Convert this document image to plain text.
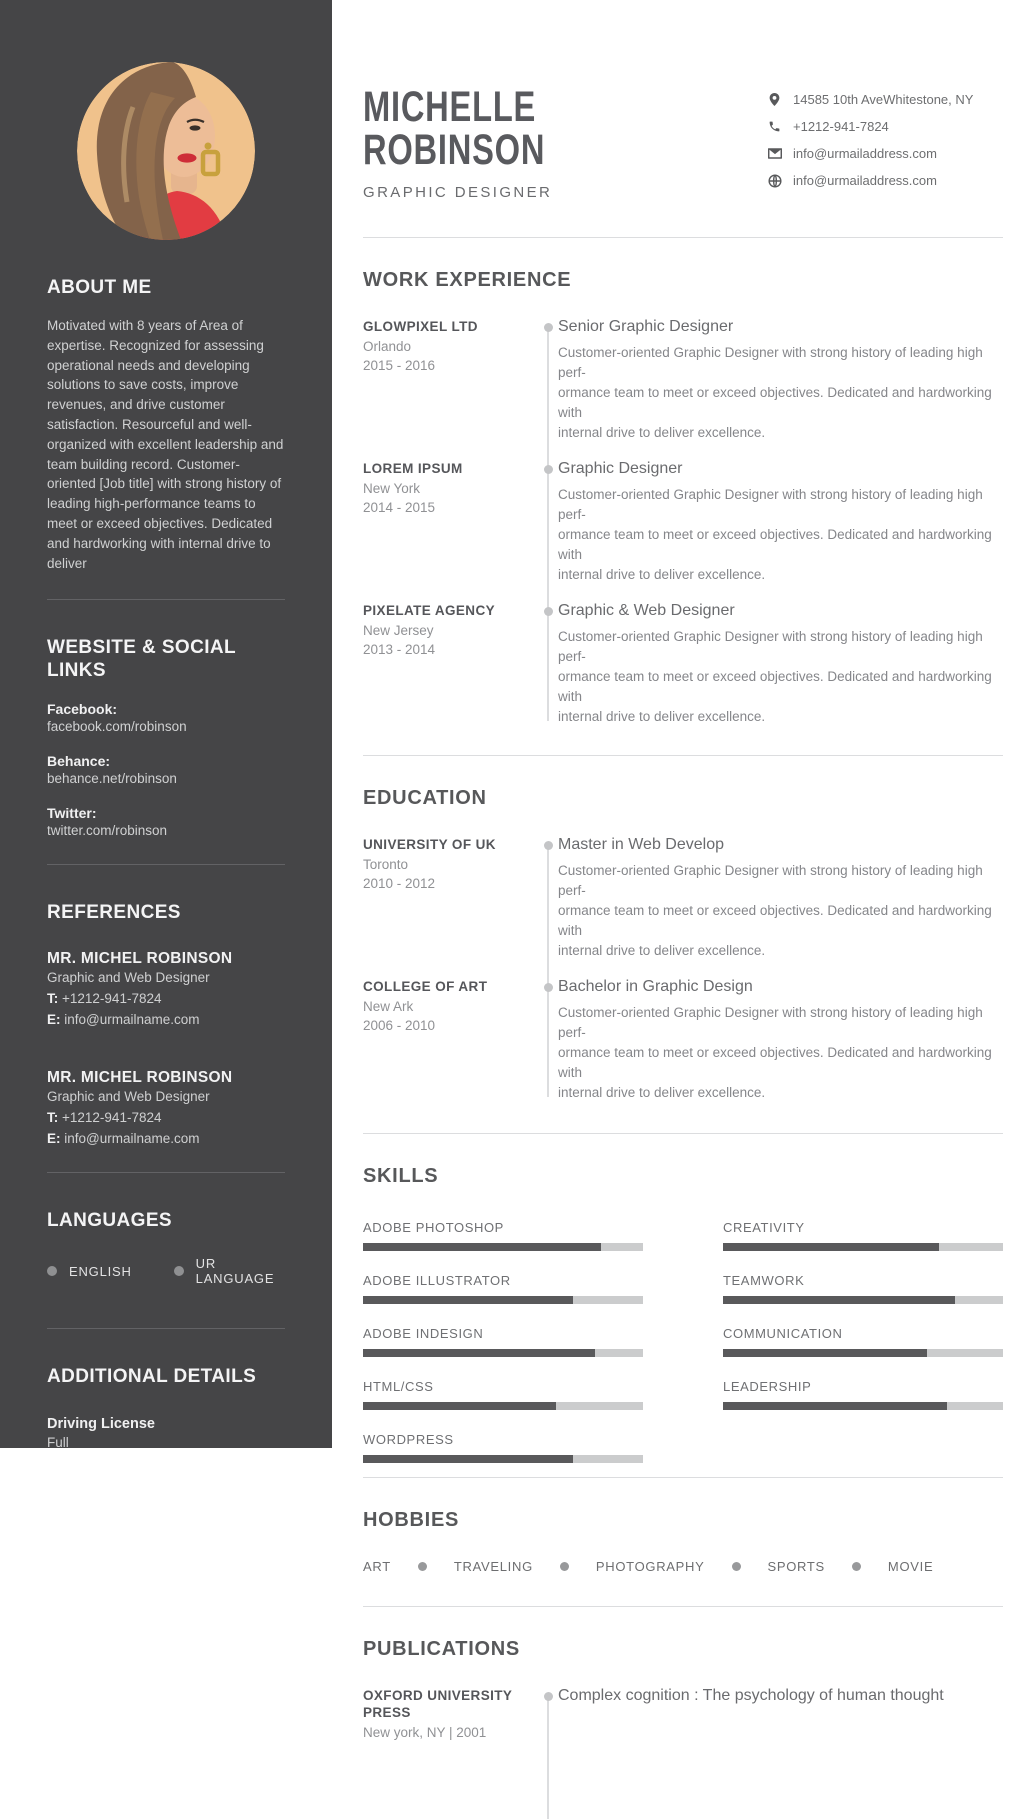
ABOUT ME
Motivated with 8 years of Area of expertise. Recognized for assessing operational needs and developing solutions to save costs, improve revenues, and drive customer satisfaction. Resourceful and well-organized with excellent leadership and team building record. Customer-oriented [Job title] with strong history of leading high-performance teams to meet or exceed objectives. Dedicated and hardworking with internal drive to deliver
WEBSITE & SOCIAL LINKS
Facebook:
facebook.com/robinson
Behance:
behance.net/robinson
Twitter:
twitter.com/robinson
REFERENCES
MR. MICHEL ROBINSON
Graphic and Web Designer
T: +1212-941-7824
E: info@urmailname.com
MR. MICHEL ROBINSON
Graphic and Web Designer
T: +1212-941-7824
E: info@urmailname.com
LANGUAGES
ENGLISH	UR LANGUAGE
ADDITIONAL DETAILS
Driving License
Full
MICHELLE
ROBINSON
GRAPHIC DESIGNER
14585 10th AveWhitestone, NY
+1212-941-7824
info@urmailaddress.com
info@urmailaddress.com
WORK EXPERIENCE
GLOWPIXEL LTD
Orlando
2015 - 2016
Senior Graphic Designer
Customer-oriented Graphic Designer with strong history of leading high perf-
ormance team to meet or exceed objectives. Dedicated and hardworking with
internal drive to deliver excellence.
LOREM IPSUM
New York
2014 - 2015
Graphic Designer
Customer-oriented Graphic Designer with strong history of leading high perf-
ormance team to meet or exceed objectives. Dedicated and hardworking with
internal drive to deliver excellence.
PIXELATE AGENCY
New Jersey
2013 - 2014
Graphic & Web Designer
Customer-oriented Graphic Designer with strong history of leading high perf-
ormance team to meet or exceed objectives. Dedicated and hardworking with
internal drive to deliver excellence.
EDUCATION
UNIVERSITY OF UK
Toronto
2010 - 2012
Master in Web Develop
Customer-oriented Graphic Designer with strong history of leading high perf-
ormance team to meet or exceed objectives. Dedicated and hardworking with
internal drive to deliver excellence.
COLLEGE OF ART
New Ark
2006 - 2010
Bachelor in Graphic Design
Customer-oriented Graphic Designer with strong history of leading high perf-
ormance team to meet or exceed objectives. Dedicated and hardworking with
internal drive to deliver excellence.
SKILLS
ADOBE PHOTOSHOP
ADOBE ILLUSTRATOR
ADOBE INDESIGN
HTML/CSS
WORDPRESS
CREATIVITY
TEAMWORK
COMMUNICATION
LEADERSHIP
HOBBIES
ART	TRAVELING	PHOTOGRAPHY	SPORTS	MOVIE
PUBLICATIONS
OXFORD UNIVERSITY PRESS
New york, NY | 2001
Complex cognition : The psychology of human thought
